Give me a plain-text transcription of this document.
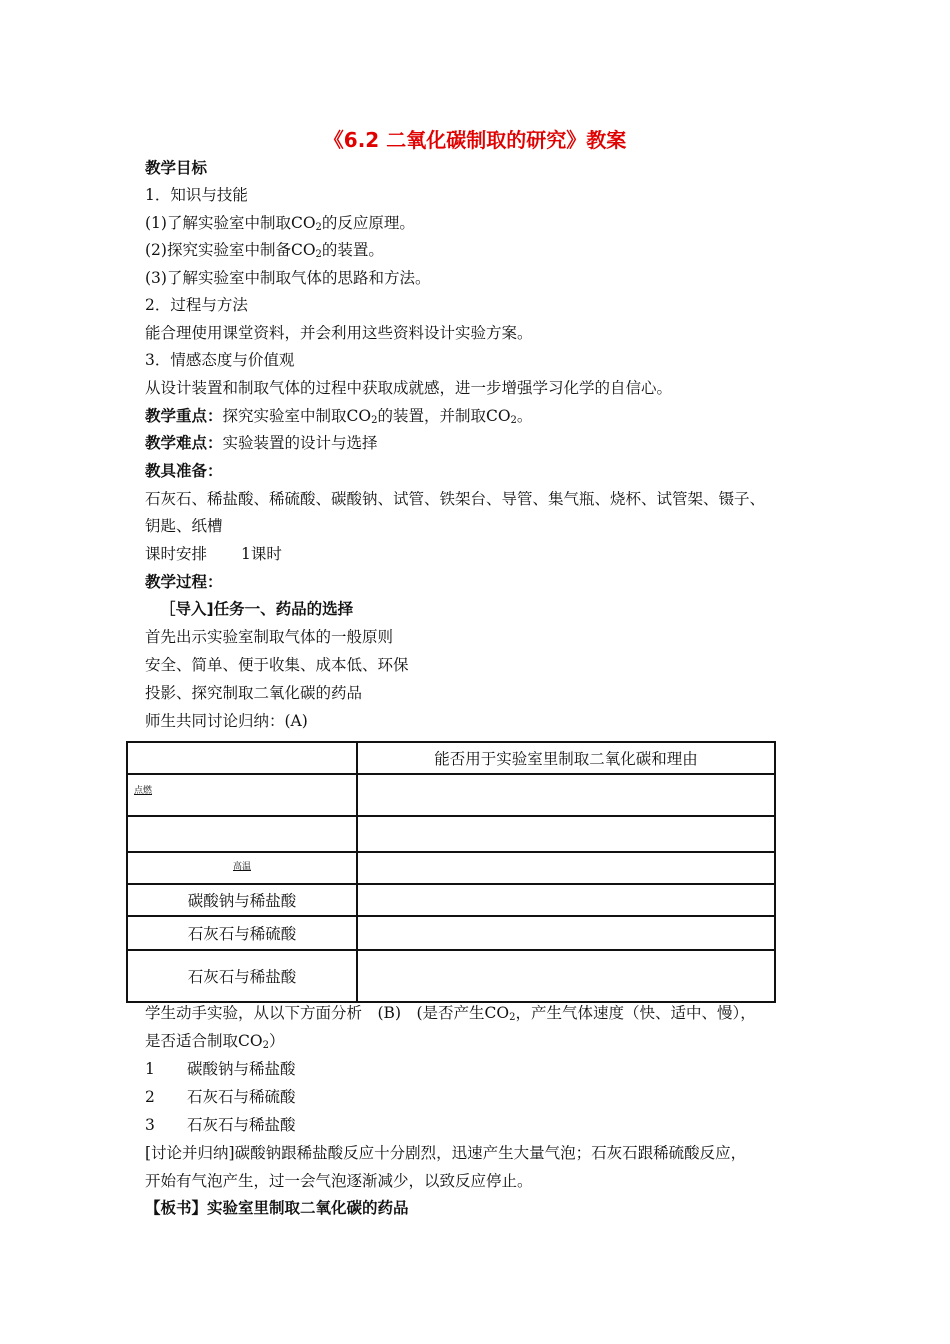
《6.2 二氧化碳制取的研究》教案
教学目标
1．知识与技能
(1)了解实验室中制取$CO_2$的反应原理。
(2)探究实验室中制备$CO_2$的装置。
(3)了解实验室中制取气体的思路和方法。
2．过程与方法
能合理使用课堂资料，并会利用这些资料设计实验方案。
3．情感态度与价值观
从设计装置和制取气体的过程中获取成就感，进一步增强学习化学的自信心。
教学重点：探究实验室中制取$CO_2$的装置，并制取$CO_2$。
教学难点：实验装置的设计与选择
教具准备：
石灰石、稀盐酸、稀硫酸、碳酸钠、试管、铁架台、导管、集气瓶、烧杯、试管架、镊子、
钥匙、纸槽
课时安排 1课时
教学过程：
［导入]任务一、药品的选择
首先出示实验室制取气体的一般原则
安全、简单、便于收集、成本低、环保
投影、探究制取二氧化碳的药品
师生共同讨论归纳：(A)
	能否用于实验室里制取二氧化碳和理由
点燃	

高温	
碳酸钠与稀盐酸	
石灰石与稀硫酸	
石灰石与稀盐酸	
学生动手实验，从以下方面分析　(B)　(是否产生$CO_2$，产生气体速度（快、适中、慢），
是否适合制取$CO_2$）
1 碳酸钠与稀盐酸
2 石灰石与稀硫酸
3 石灰石与稀盐酸
[讨论并归纳]碳酸钠跟稀盐酸反应十分剧烈，迅速产生大量气泡；石灰石跟稀硫酸反应，
开始有气泡产生，过一会气泡逐渐减少，以致反应停止。
【板书】实验室里制取二氧化碳的药品
